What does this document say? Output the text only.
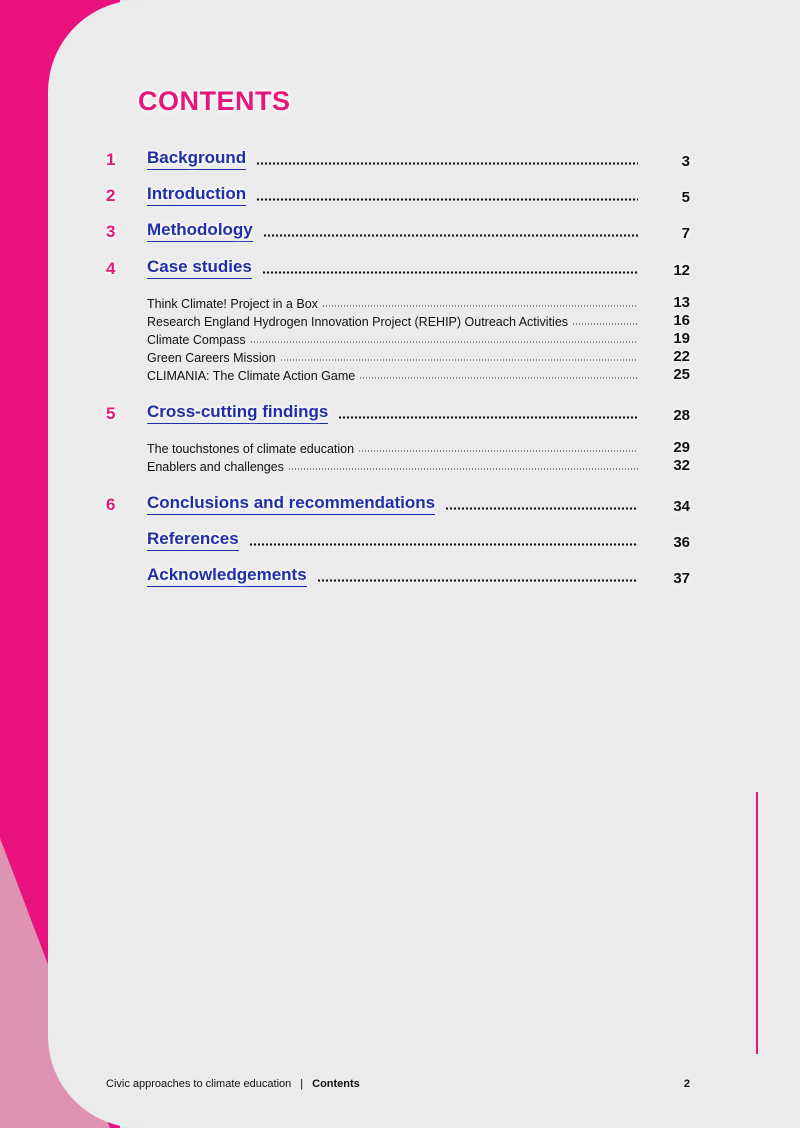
CONTENTS
1	Background	3
2	Introduction	5
3	Methodology	7
4	Case studies	12
Think Climate! Project in a Box	13
Research England Hydrogen Innovation Project (REHIP) Outreach Activities	16
Climate Compass	19
Green Careers Mission	22
CLIMANIA: The Climate Action Game	25
5	Cross-cutting findings	28
The touchstones of climate education	29
Enablers and challenges	32
6	Conclusions and recommendations	34
References	36
Acknowledgements	37
Civic approaches to climate education | Contents	2
